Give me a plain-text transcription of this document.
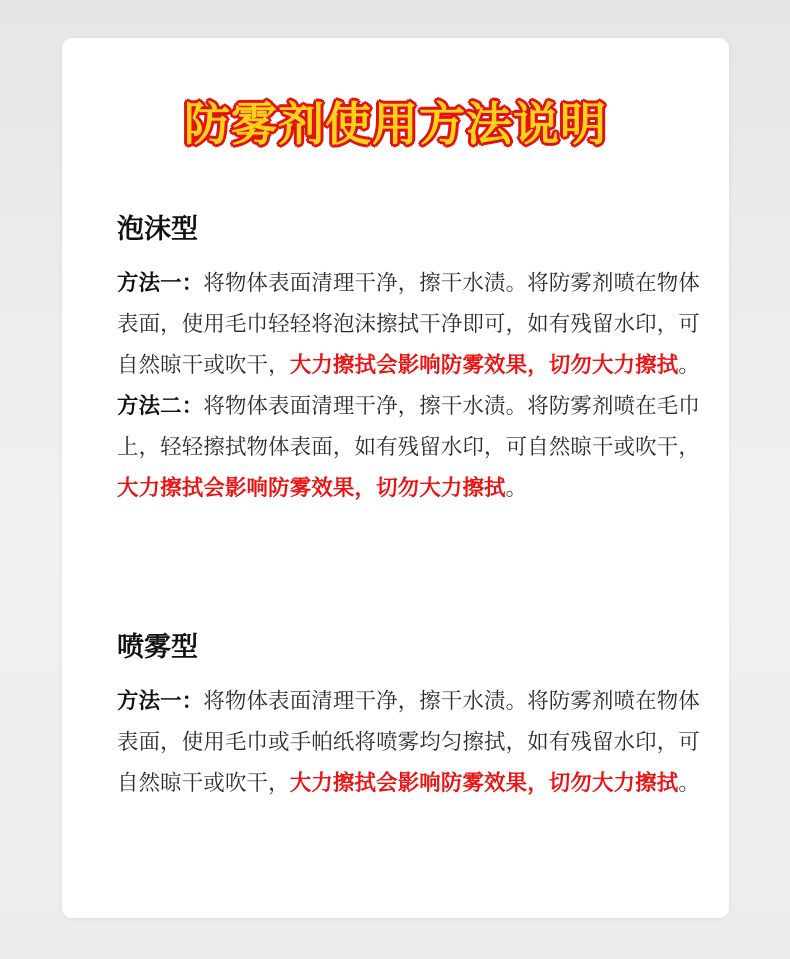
防雾剂使用方法说明
泡沫型

方法一：将物体表面清理干净，擦干水渍。将防雾剂喷在物体表面，使用毛巾轻轻将泡沫擦拭干净即可，如有残留水印，可自然晾干或吹干，大力擦拭会影响防雾效果，切勿大力擦拭。

方法二：将物体表面清理干净，擦干水渍。将防雾剂喷在毛巾上，轻轻擦拭物体表面，如有残留水印，可自然晾干或吹干，大力擦拭会影响防雾效果，切勿大力擦拭。

喷雾型

方法一：将物体表面清理干净，擦干水渍。将防雾剂喷在物体表面，使用毛巾或手帕纸将喷雾均匀擦拭，如有残留水印，可自然晾干或吹干，大力擦拭会影响防雾效果，切勿大力擦拭。
